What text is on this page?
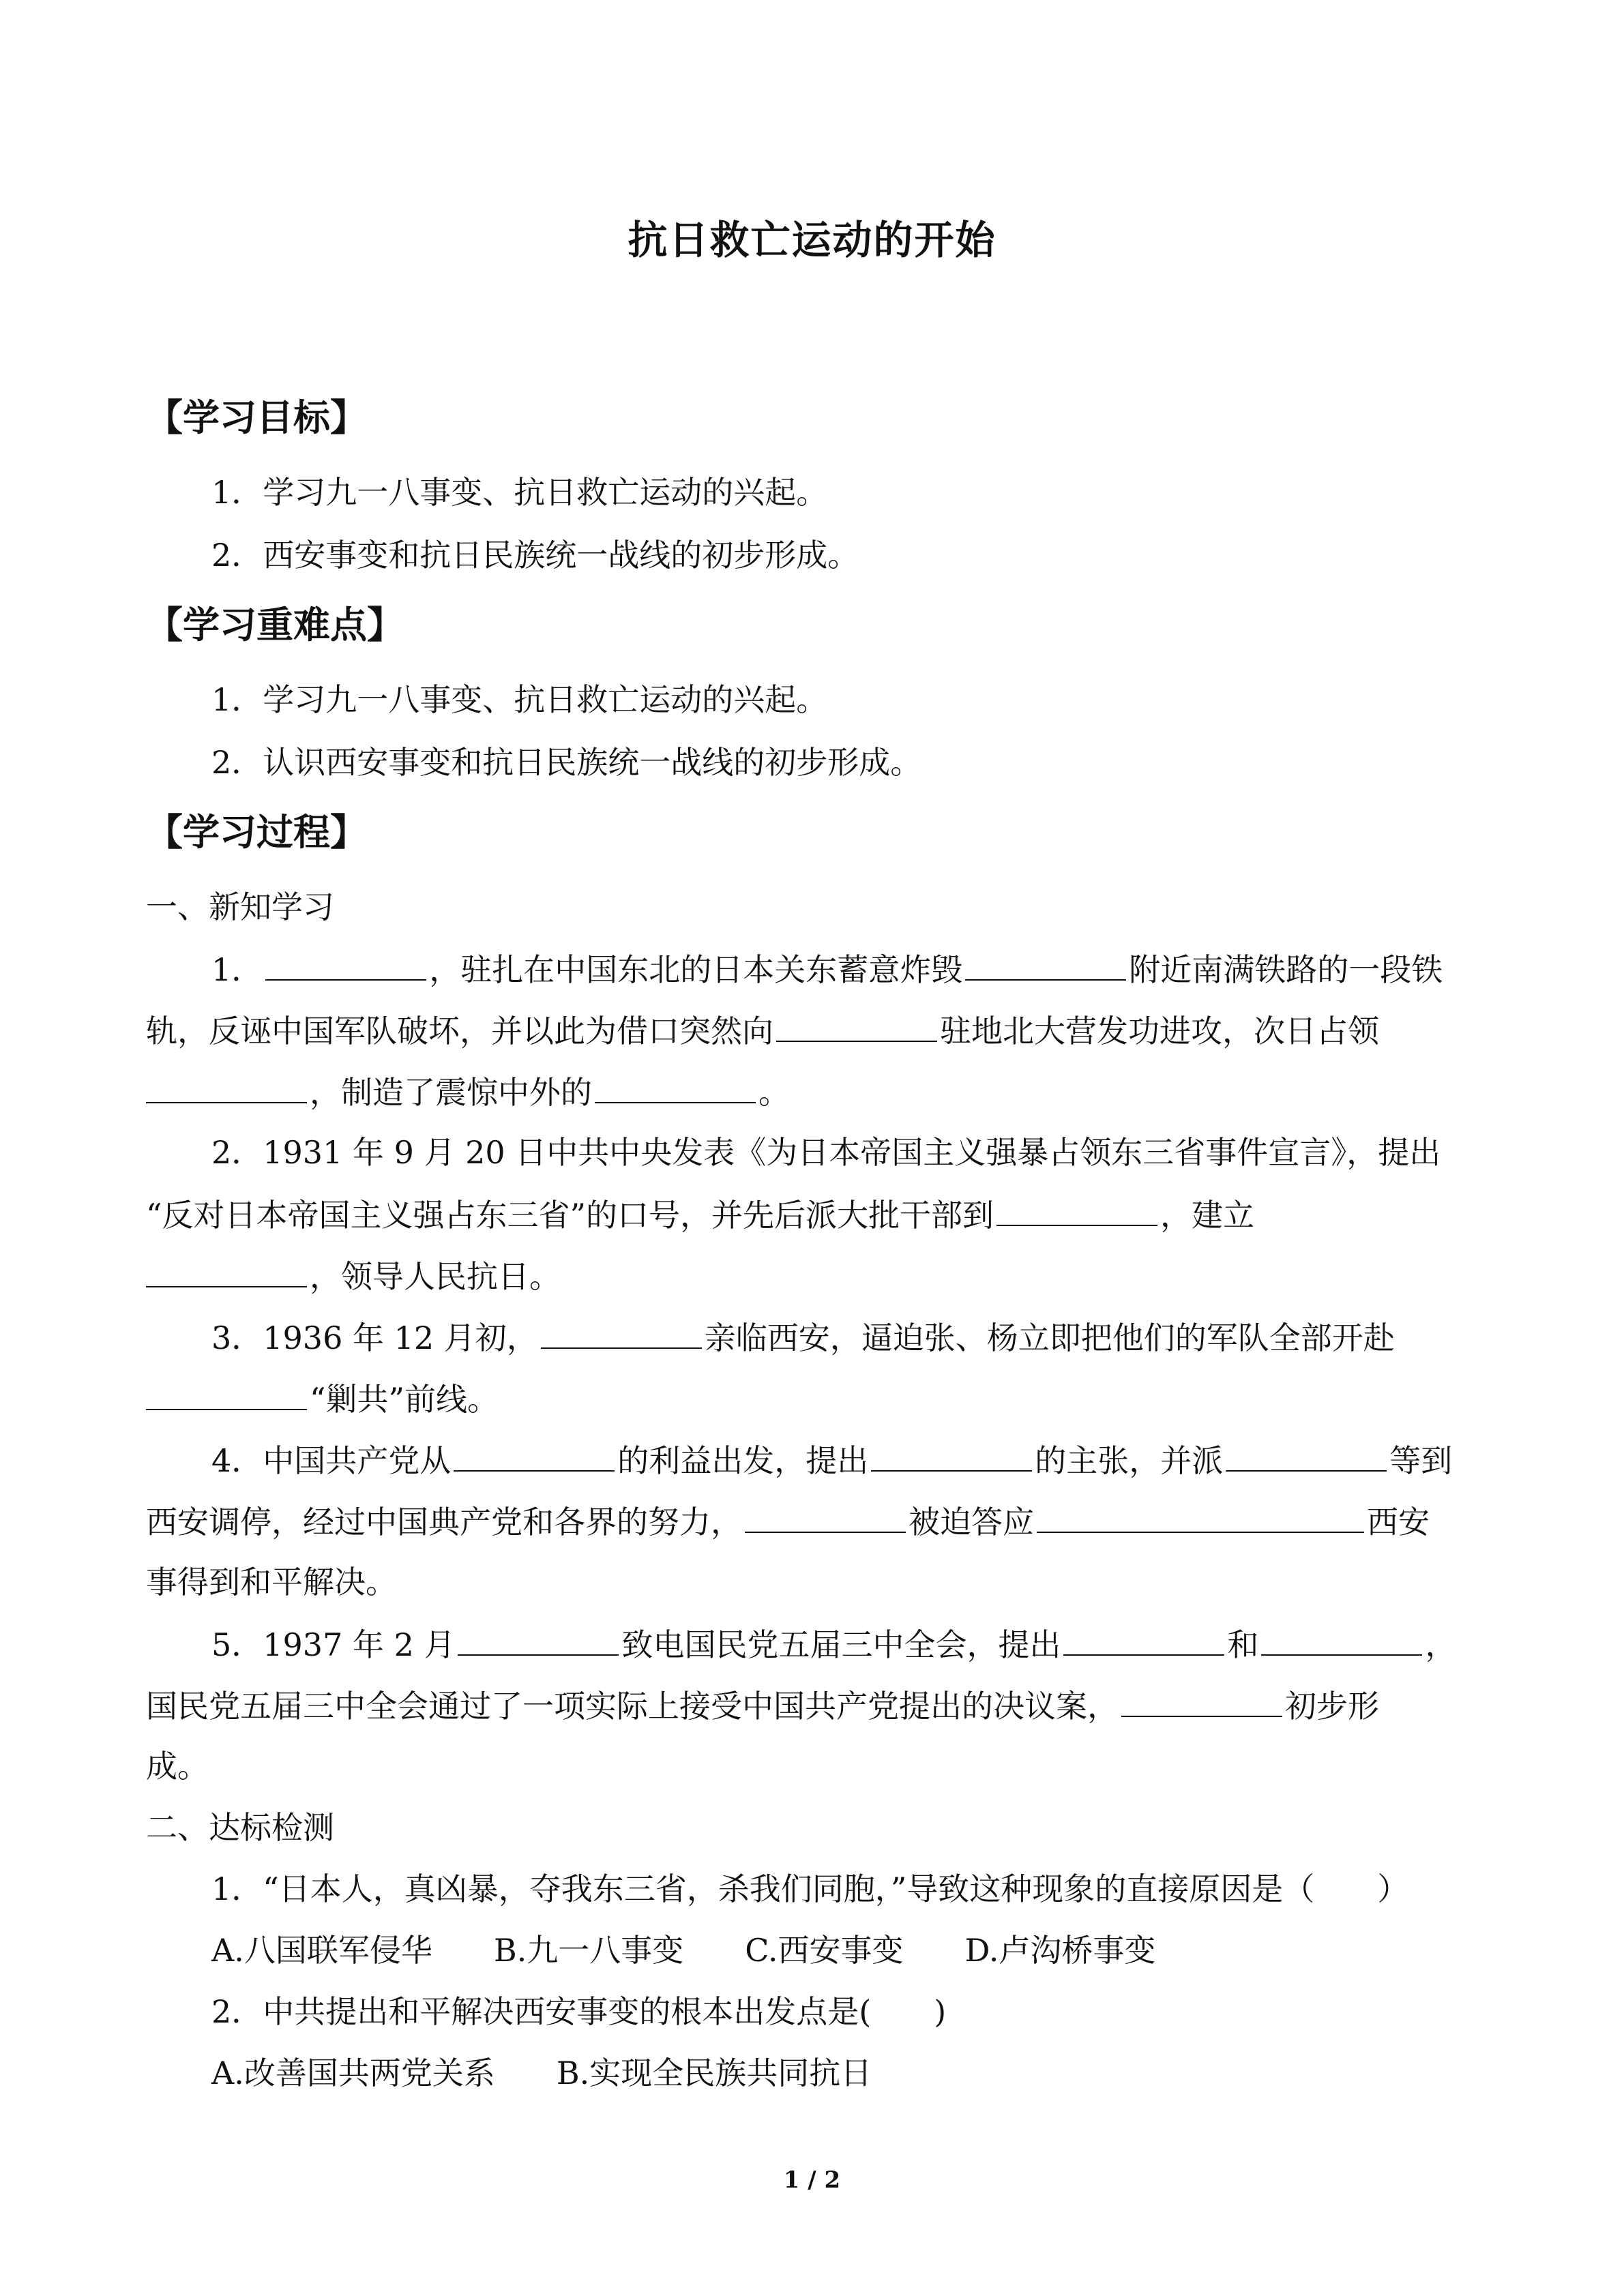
抗日救亡运动的开始
【学习目标】
1．学习九一八事变、抗日救亡运动的兴起。
2．西安事变和抗日民族统一战线的初步形成。
【学习重难点】
1．学习九一八事变、抗日救亡运动的兴起。
2．认识西安事变和抗日民族统一战线的初步形成。
【学习过程】
一、新知学习
1．	，驻扎在中国东北的日本关东蓄意炸毁	附近南满铁路的一段铁
轨，反诬中国军队破坏，并以此为借口突然向	驻地北大营发功进攻，次日占领
，制造了震惊中外的	。
2．1931 年 9 月 20 日中共中央发表《为日本帝国主义强暴占领东三省事件宣言》，提出
“反对日本帝国主义强占东三省”的口号，并先后派大批干部到	，建立
，领导人民抗日。
3．1936 年 12 月初，	亲临西安，逼迫张、杨立即把他们的军队全部开赴
“剿共”前线。
4．中国共产党从	的利益出发，提出	的主张，并派	等到
西安调停，经过中国典产党和各界的努力，	被迫答应	西安
事得到和平解决。
5．1937 年 2 月	致电国民党五届三中全会，提出	和	，
国民党五届三中全会通过了一项实际上接受中国共产党提出的决议案，	初步形
成。
二、达标检测
1．“日本人，真凶暴，夺我东三省，杀我们同胞，”导致这种现象的直接原因是（　　）
A.八国联军侵华 B.九一八事变 C.西安事变 D.卢沟桥事变
2．中共提出和平解决西安事变的根本出发点是(　　)
A.改善国共两党关系 B.实现全民族共同抗日
1 / 2
